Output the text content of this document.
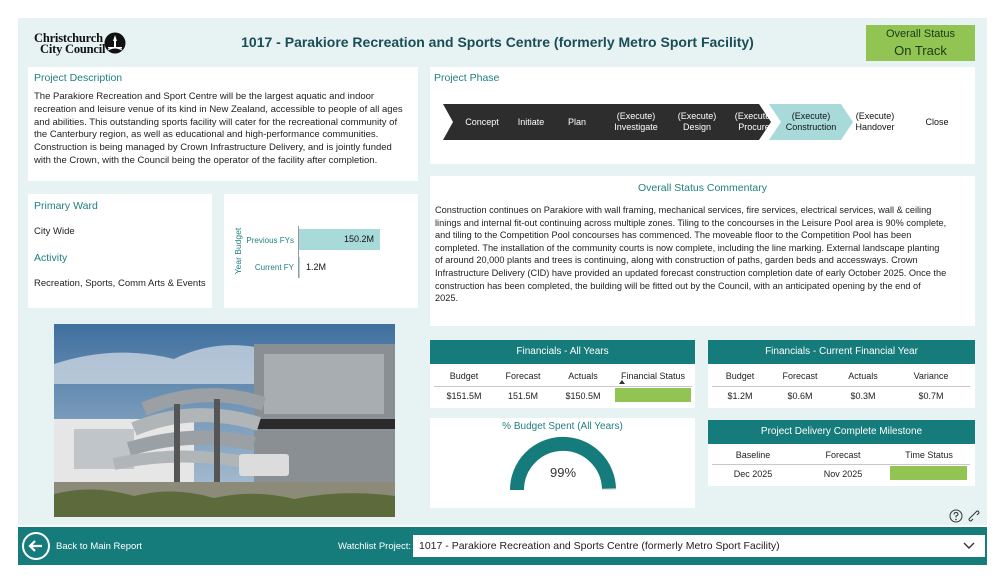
Christchurch
City Council	1017 - Parakiore Recreation and Sports Centre (formerly Metro Sport Facility)	Overall Status
On Track
Project Description
The Parakiore Recreation and Sport Centre will be the largest aquatic and indoor
recreation and leisure venue of its kind in New Zealand, accessible to people of all ages
and abilities. This outstanding sports facility will cater for the recreational community of
the Canterbury region, as well as educational and high-performance communities.
Construction is being managed by Crown Infrastructure Delivery, and is jointly funded
with the Crown, with the Council being the operator of the facility after completion.
Project Phase
Concept Initiate	Plan
(Execute)
Investigate
(Execute)
Design
(Execute)
Procure
(Execute)
Construction
(Execute)
Handover
Close
Primary Ward
City Wide
Activity
Recreation, Sports, Comm Arts & Events
Year Budget Previous FYs	150.2M
Current FY 1.2M
Overall Status Commentary
Construction continues on Parakiore with wall framing, mechanical services, fire services, electrical services, wall & ceiling
linings and internal fit-out continuing across multiple zones. Tiling to the concourses in the Leisure Pool area is 90% complete,
and tiling to the Competition Pool concourses has commenced. The moveable floor to the Competition Pool has been
completed. The installation of the community courts is now complete, including the line marking. External landscape planting
of around 20,000 plants and trees is continuing, along with construction of paths, garden beds and accessways. Crown
Infrastructure Delivery (CID) have provided an updated forecast construction completion date of early October 2025. Once the
construction has been completed, the building will be fitted out by the Council, with an anticipated opening by the end of
2025.
Financials - All Years
Budget	Forecast	Actuals	Financial Status
$151.5M	151.5M	$150.5M
Financials - Current Financial Year
Budget	Forecast	Actuals	Variance
$1.2M	$0.6M	$0.3M	$0.7M
% Budget Spent (All Years)
99%
Project Delivery Complete Milestone
Baseline	Forecast	Time Status
Dec 2025	Nov 2025
Back to Main Report	Watchlist Project: 1017 - Parakiore Recreation and Sports Centre (formerly Metro Sport Facility)
